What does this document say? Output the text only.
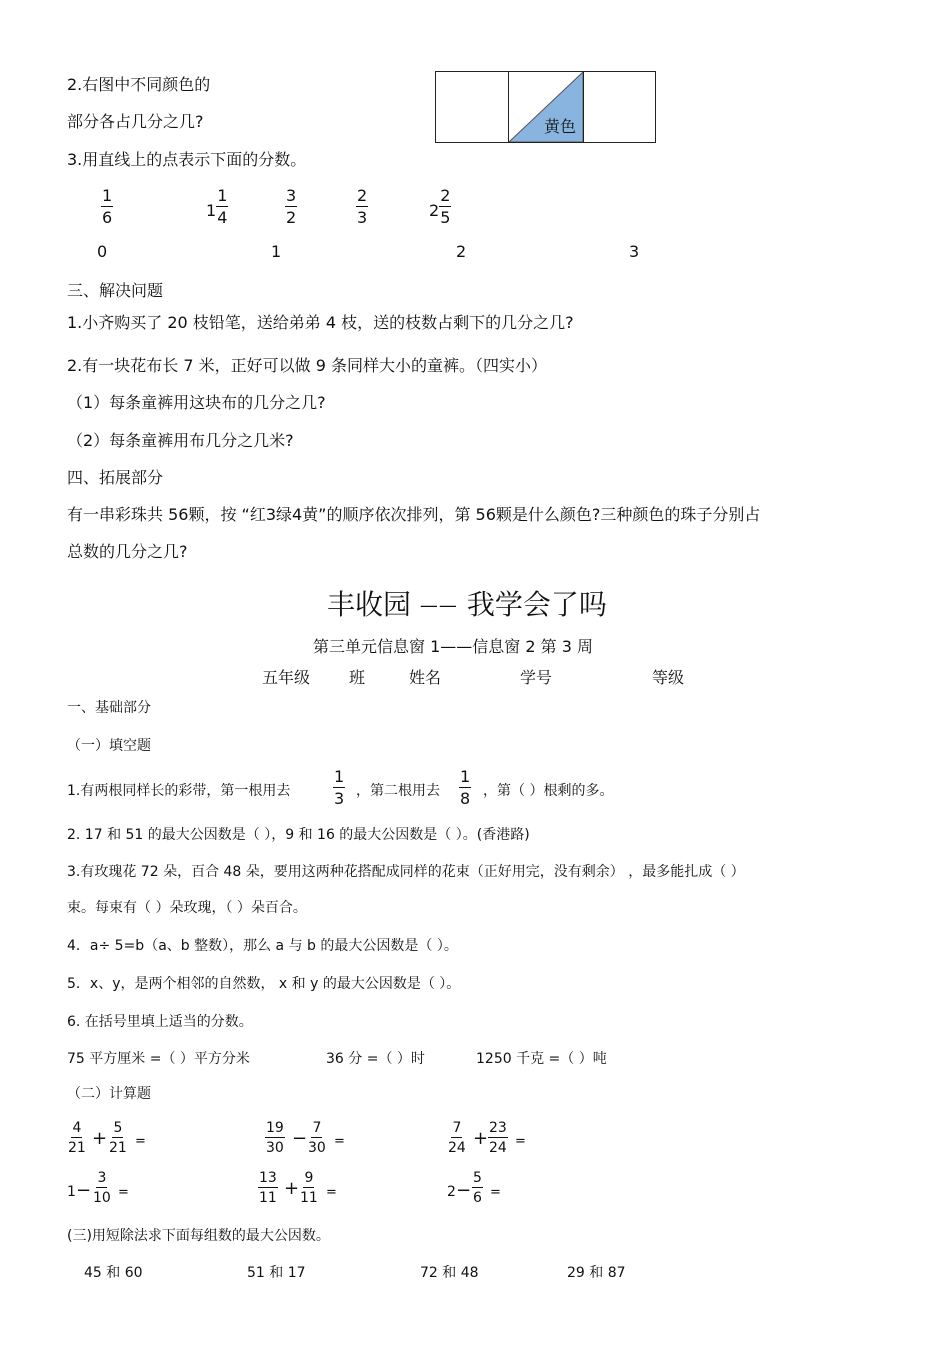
2.右图中不同颜色的
部分各占几分之几?	黄色
3.用直线上的点表示下面的分数。
$\frac{1}{6}$	$1 \frac{1}{4}$	$\frac{3}{2}$	$\frac{2}{3}$	$2 \frac{2}{5}$
0	1	2	3
三、解决问题
1.小齐购买了 20 枝铅笔，送给弟弟 4 枝，送的枝数占剩下的几分之几?
2.有一块花布长 7 米，正好可以做 9 条同样大小的童裤。（四实小）
（1）每条童裤用这块布的几分之几?
（2）每条童裤用布几分之几米?
四、拓展部分
有一串彩珠共 56颗，按 “红3绿4黄”的顺序依次排列，第 56颗是什么颜色?三种颜色的珠子分别占
总数的几分之几?
丰收园 —— 我学会了吗
第三单元信息窗 1——信息窗 2 第 3 周
五年级 班	姓名	学号	等级
一、基础部分
（一）填空题
1.有两根同样长的彩带，第一根用去	$\frac{1}{3}$ ，第二根用去 $\frac{1}{8}$ ，第（ ）根剩的多。
2. 17 和 51 的最大公因数是（ ），9 和 16 的最大公因数是（ ）。(香港路)
3.有玫瑰花 72 朵，百合 48 朵，要用这两种花搭配成同样的花束（正好用完，没有剩余） ，最多能扎成（ ）
束。每束有（ ）朵玫瑰，（ ）朵百合。
4．a÷ 5=b（a、b 整数），那么 a 与 b 的最大公因数是（ ）。
5．x、y，是两个相邻的自然数， x 和 y 的最大公因数是（ ）。
6. 在括号里填上适当的分数。
75 平方厘米 =（ ）平方分米	36 分 =（ ）时	1250 千克 =（ ）吨
（二）计算题
$\frac{4}{21} + \frac{5}{21}$ =	$\frac{19}{30} - \frac{7}{30}$ =	$\frac{7}{24} + \frac{23}{24}$ =
$1 - \frac{3}{10}$ =	$\frac{13}{11} + \frac{9}{11}$ =	$2 - \frac{5}{6}$ =
(三)用短除法求下面每组数的最大公因数。
45 和 60	51 和 17	72 和 48	29 和 87
